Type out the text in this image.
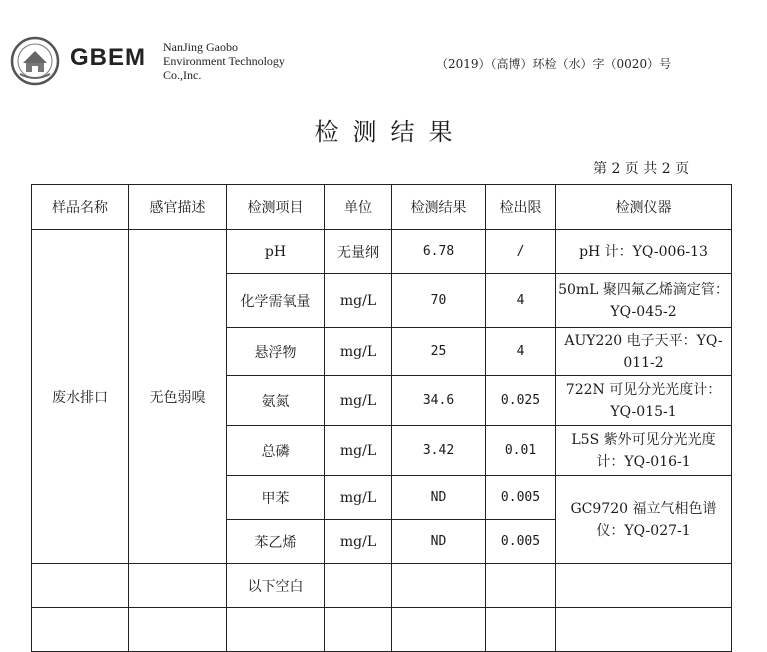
GBEM NanJing Gaobo
Environment Technology
Co.,Inc.
（2019）（高博）环检（水）字（0020）号
检测结果
第 2 页 共 2 页
样品名称	感官描述	检测项目	单位	检测结果	检出限	检测仪器
废水排口	无色弱嗅	pH	无量纲	6.78	/	pH 计：YQ-006-13
		化学需氧量	mg/L	70	4	50mL 聚四氟乙烯滴定管：YQ-045-2
		悬浮物	mg/L	25	4	AUY220 电子天平：YQ-011-2
		氨氮	mg/L	34.6	0.025	722N 可见分光光度计：YQ-015-1
		总磷	mg/L	3.42	0.01	L5S 紫外可见分光光度计：YQ-016-1
		甲苯	mg/L	ND	0.005	GC9720 福立气相色谱仪：YQ-027-1
		苯乙烯	mg/L	ND	0.005	
		以下空白				
